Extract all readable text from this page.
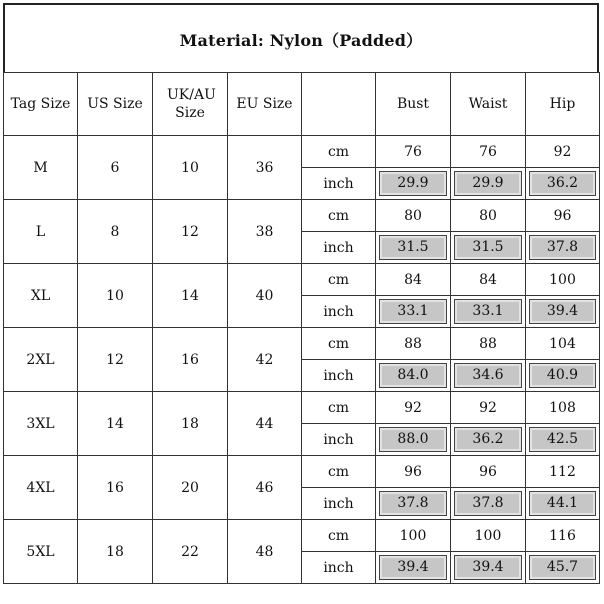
Material: Nylon（Padded）
Tag Size	US Size	UK/AU Size	EU Size		Bust	Waist	Hip
M	6	10	36	cm	76	76	92
				inch	29.9	29.9	36.2

L	8	12	38	cm	80	80	96
				inch	31.5	31.5	37.8

XL	10	14	40	cm	84	84	100
				inch	33.1	33.1	39.4

2XL	12	16	42	cm	88	88	104
				inch	84.0	34.6	40.9

3XL	14	18	44	cm	92	92	108
				inch	88.0	36.2	42.5

4XL	16	20	46	cm	96	96	112
				inch	37.8	37.8	44.1

5XL	18	22	48	cm	100	100	116
				inch	39.4	39.4	45.7
